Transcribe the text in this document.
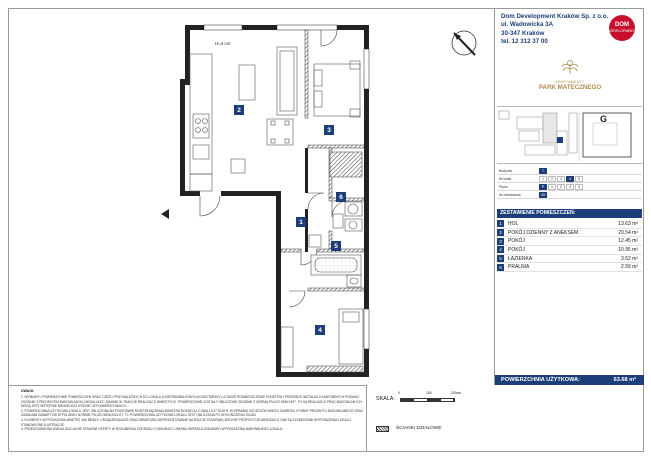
2
3
6
1
5
4
H=4 cm
Dom Development Kraków Sp. z o.o.
ul. Wadowicka 3A
30-347 Kraków
tel. 12 312 37 00
DOM
DEVELOPMENT
APARTAMENTY
PARK MATECZNEGO
G
Budynek	7
Nr klatki	1	2	3	4	5
Piętro	P	1	2	3	4
Nr mieszkania	49
ZESTAWIENIE POMIESZCZEŃ:
1	HOL	13.63 m²
2	POKÓJ DZIENNY Z ANEKSEM	20.54 m²
3	POKÓJ	12.45 m²
4	POKÓJ	10.95 m²
5	ŁAZIENKA	3.52 m²
6	PRALNIA	2.59 m²
POWIERZCHNIA UŻYTKOWA:	63.68 m²
UWAGI:

1. WYMIARY I POWIERZCHNIE POMIESZCZEŃ ORAZ CZĘŚCI PRZYNALEŻNYCH DO LOKALU (OGRÓDKI/BALKONY/LOGGIE/TARASY), A TAKŻE ROZMIESZCZENIE PUNKTÓW I PRZEBIEGI INSTALACJI SANITARNYCH PODANO ZGODNIE Z PROJEKTEM BUDOWLANYM I MOGĄ ULEC ZMIANIE W TRAKCIE REALIZACJI INWESTYCJI. POWIERZCHNIE ZOSTAŁY OBLICZONE ZGODNIE Z NORMĄ PN-ISO 9836:1997. TO SĄ REALIZACJI PRAC BUDOWLANYCH MOGĄ JEST WSTĘPNIE NIEWIELKICH RÓŻNIC W POWIERZCHNIACH.

2. POWIERZCHNIA UŻYTKOWA LOKALU JEST OBLICZONA NA PODSTAWIE ROZPORZĄDZENIA MINISTRA ROZWOJU Z DNIA 13.07.2018 R. W SPRAWIE SZCZEGÓŁOWEGO ZAKRESU I FORMY PROJEKTU BUDOWLANEGO ORAZ ZASADAMI ZAWARTYMI W POLSKIEJ NORMIE PN-ISO 9836:2022-07. TJ. POWIERZCHNIA UŻYTKOWA LOKALU JEST OBLICZONA PO WYKOŃCZENIU ŚCIAN.

3. ELEMENTY WYPOSAŻENIA WNĘTRZ JAK MEBLE, URZĄDZENIA AGD ORAZ ARMATURA ZAPREZENTOWANE NA RZUCIE STANOWIĄ JEDYNIE PROPOZYCJĘ ARANŻACJI I NIE SĄ ELEMENTAMI WYPOSAŻENIA LOKALU. STANOWI ONE ILUSTRACJĘ.

4. PRZEDSTAWIONA WIZUALIZACJA NIE STANOWI OFERTY W ROZUMIENIU KODEKSU CYWILNEGO. UMOWA OKREŚLA STANDARD WYPOSAŻENIA NABYWANEGO LOKALU.

SKALA:
0	100	200cm
ŚCIANKI DZIAŁOWE
